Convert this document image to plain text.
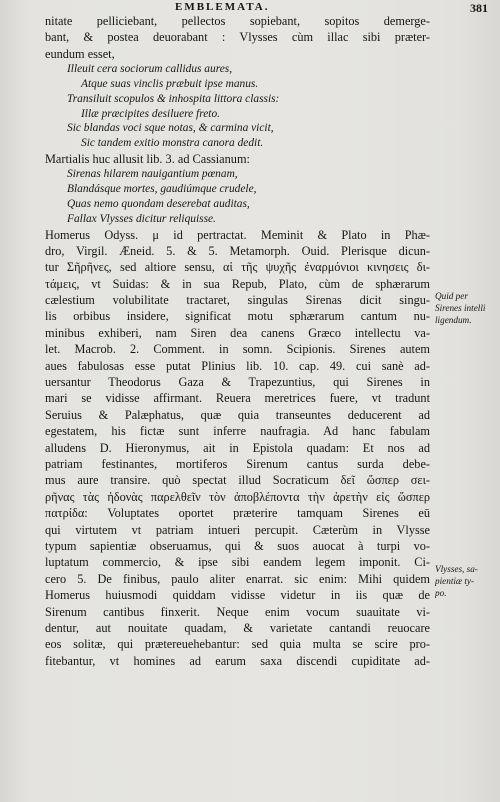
EMBLEMATA.	381
nitate pelliciebant, pellectos sopiebant, sopitos demerge-
bant, & postea deuorabant : Vlysses cùm illac sibi præter-
eundum esset,
Illeuit cera sociorum callidus aures,
Atque suas vinclis præbuit ipse manus.
Transiluit scopulos & inhospita littora classis:
Illæ præcipites desiluere freto.
Sic blandas voci sque notas, & carmina vicit,
Sic tandem exitio monstra canora dedit.
Martialis huc allusit lib. 3. ad Cassianum:
Sirenas hilarem nauigantium pœnam,
Blandásque mortes, gaudiúmque crudele,
Quas nemo quondam deserebat auditas,
Fallax Vlysses dicitur reliquisse.
Homerus Odyss. μ id pertractat. Meminit & Plato in Phæ-
dro, Virgil. Æneid. 5. & 5. Metamorph. Ouid. Plerisque dicun-
tur Σῆρῆνες, sed altiore sensu, αἱ τῆς ψυχῆς ἐναρμόνιοι κινησεις δι-
τάμεις, vt Suidas: & in sua Repub, Plato, cùm de sphærarum
cælestium volubilitate tractaret, singulas Sirenas dicit singu-
lis orbibus insidere, significat motu sphærarum cantum nu-
minibus exhiberi, nam Siren dea canens Græco intellectu va-
let. Macrob. 2. Comment. in somn. Scipionis. Sirenes autem
aues fabulosas esse putat Plinius lib. 10. cap. 49. cui sanè ad-
uersantur Theodorus Gaza & Trapezuntius, qui Sirenes in
mari se vidisse affirmant. Reuera meretrices fuere, vt tradunt
Seruius & Palæphatus, quæ quia transeuntes deducerent ad
egestatem, his fictæ sunt inferre naufragia. Ad hanc fabulam
alludens D. Hieronymus, ait in Epistola quadam: Et nos ad
patriam festinantes, mortiferos Sirenum cantus surda debe-
mus aure transire. quò spectat illud Socraticum δεῖ ὥσπερ σει-
ρῆνας τὰς ἡδονὰς παρελθεῖν τὸν ἀποβλέποντα τὴν ἀρετὴν εἰς ὥσπερ
πατρίδα: Voluptates oportet præterire tamquam Sirenes eū
qui virtutem vt patriam intueri percupit. Cæterùm in Vlysse
typum sapientiæ obseruamus, qui & suos auocat à turpi vo-
luptatum commercio, & ipse sibi eandem legem imponit. Ci-
cero 5. De finibus, paulo aliter enarrat. sic enim: Mihi quidem
Homerus huiusmodi quiddam vidisse videtur in iis quæ de
Sirenum cantibus finxerit. Neque enim vocum suauitate vi-
dentur, aut nouitate quadam, & varietate cantandi reuocare
eos solitæ, qui prætereuehebantur: sed quia multa se scire pro-
fitebantur, vt homines ad earum saxa discendi cupiditate ad-
Quid per
Sirenes intelli
ligendum.
Vlysses, sa-
pientiæ ty-
po.
